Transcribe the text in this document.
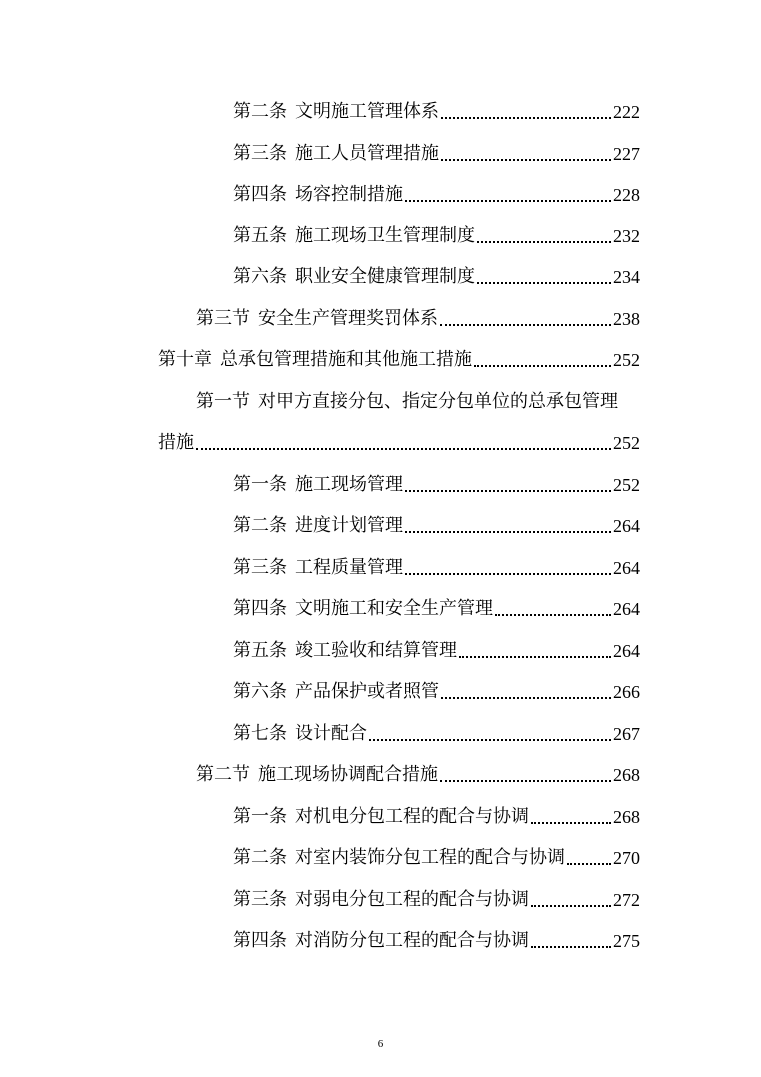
第二条 文明施工管理体系	222
第三条 施工人员管理措施	227
第四条 场容控制措施	228
第五条 施工现场卫生管理制度	232
第六条 职业安全健康管理制度	234
第三节 安全生产管理奖罚体系	238
第十章 总承包管理措施和其他施工措施	252
第一节 对甲方直接分包、指定分包单位的总承包管理
措施	252
第一条 施工现场管理	252
第二条 进度计划管理	264
第三条 工程质量管理	264
第四条 文明施工和安全生产管理	264
第五条 竣工验收和结算管理	264
第六条 产品保护或者照管	266
第七条 设计配合	267
第二节 施工现场协调配合措施	268
第一条 对机电分包工程的配合与协调	268
第二条 对室内装饰分包工程的配合与协调	270
第三条 对弱电分包工程的配合与协调	272
第四条 对消防分包工程的配合与协调	275
6
